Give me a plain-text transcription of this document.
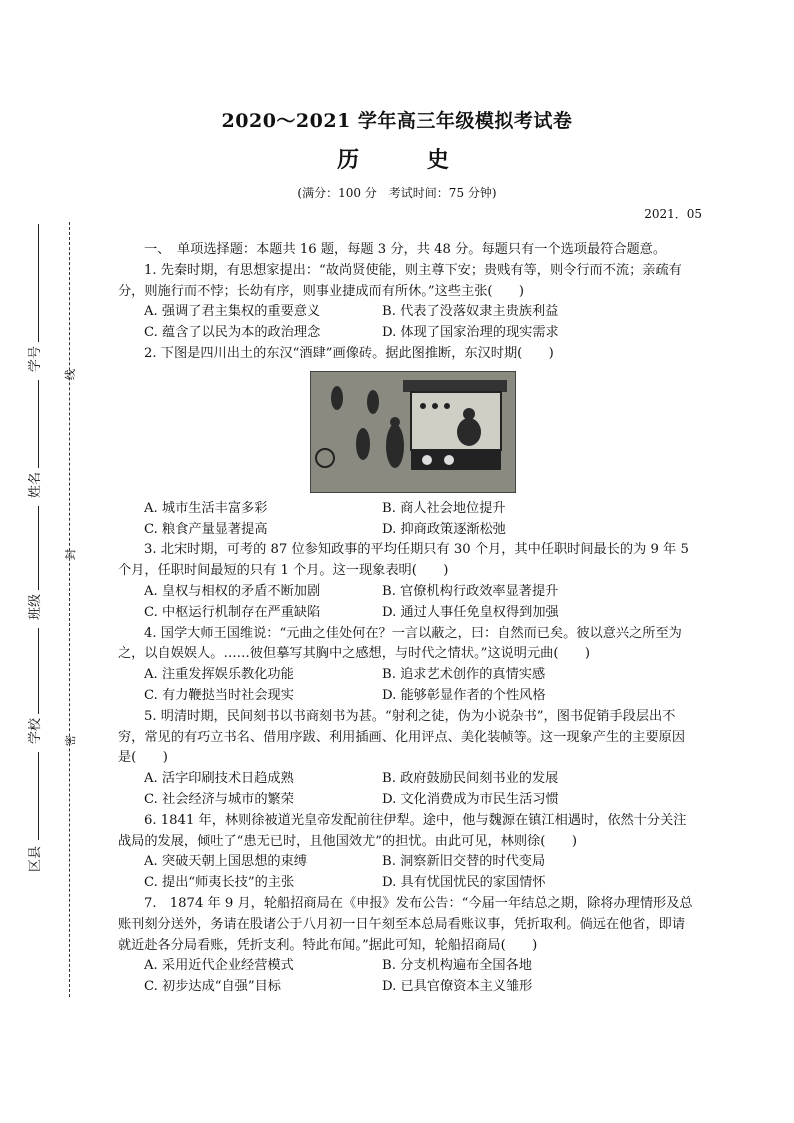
2020～2021 学年高三年级模拟考试卷
历 史
(满分：100 分　考试时间：75 分钟)
2021．05
学号
姓名
班级
学校
区县
线
封
密

一、　单项选择题：本题共 16 题，每题 3 分，共 48 分。每题只有一个选项最符合题意。

1. 先秦时期，有思想家提出：“故尚贤使能，则主尊下安；贵贱有等，则令行而不流；亲疏有分，则施行而不悖；长幼有序，则事业捷成而有所休。”这些主张(　　)

A. 强调了君主集权的重要意义	B. 代表了没落奴隶主贵族利益
C. 蕴含了以民为本的政治理念	D. 体现了国家治理的现实需求

2. 下图是四川出土的东汉“酒肆”画像砖。据此图推断，东汉时期(　　)

A. 城市生活丰富多彩	B. 商人社会地位提升
C. 粮食产量显著提高	D. 抑商政策逐渐松弛

3. 北宋时期，可考的 87 位参知政事的平均任期只有 30 个月，其中任职时间最长的为 9 年 5 个月，任职时间最短的只有 1 个月。这一现象表明(　　)

A. 皇权与相权的矛盾不断加剧	B. 官僚机构行政效率显著提升
C. 中枢运行机制存在严重缺陷	D. 通过人事任免皇权得到加强

4. 国学大师王国维说：“元曲之佳处何在？一言以蔽之，曰：自然而已矣。彼以意兴之所至为之，以自娱娱人。……彼但摹写其胸中之感想，与时代之情状。”这说明元曲(　　)

A. 注重发挥娱乐教化功能	B. 追求艺术创作的真情实感
C. 有力鞭挞当时社会现实	D. 能够彰显作者的个性风格

5. 明清时期，民间刻书以书商刻书为甚。“射利之徒，伪为小说杂书”，图书促销手段层出不穷，常见的有巧立书名、借用序跋、利用插画、化用评点、美化装帧等。这一现象产生的主要原因是(　　)

A. 活字印刷技术日趋成熟	B. 政府鼓励民间刻书业的发展
C. 社会经济与城市的繁荣	D. 文化消费成为市民生活习惯

6. 1841 年，林则徐被道光皇帝发配前往伊犁。途中，他与魏源在镇江相遇时，依然十分关注战局的发展，倾吐了“患无已时，且他国效尤”的担忧。由此可见，林则徐(　　)

A. 突破天朝上国思想的束缚	B. 洞察新旧交替的时代变局
C. 提出“师夷长技”的主张	D. 具有忧国忧民的家国情怀

7.　1874 年 9 月，轮船招商局在《申报》发布公告：“今届一年结总之期，除将办理情形及总账刊刻分送外，务请在股诸公于八月初一日午刻至本总局看账议事，凭折取利。倘远在他省，即请就近赴各分局看账，凭折支利。特此布闻。”据此可知，轮船招商局(　　)

A. 采用近代企业经营模式	B. 分支机构遍布全国各地
C. 初步达成“自强”目标	D. 已具官僚资本主义雏形
